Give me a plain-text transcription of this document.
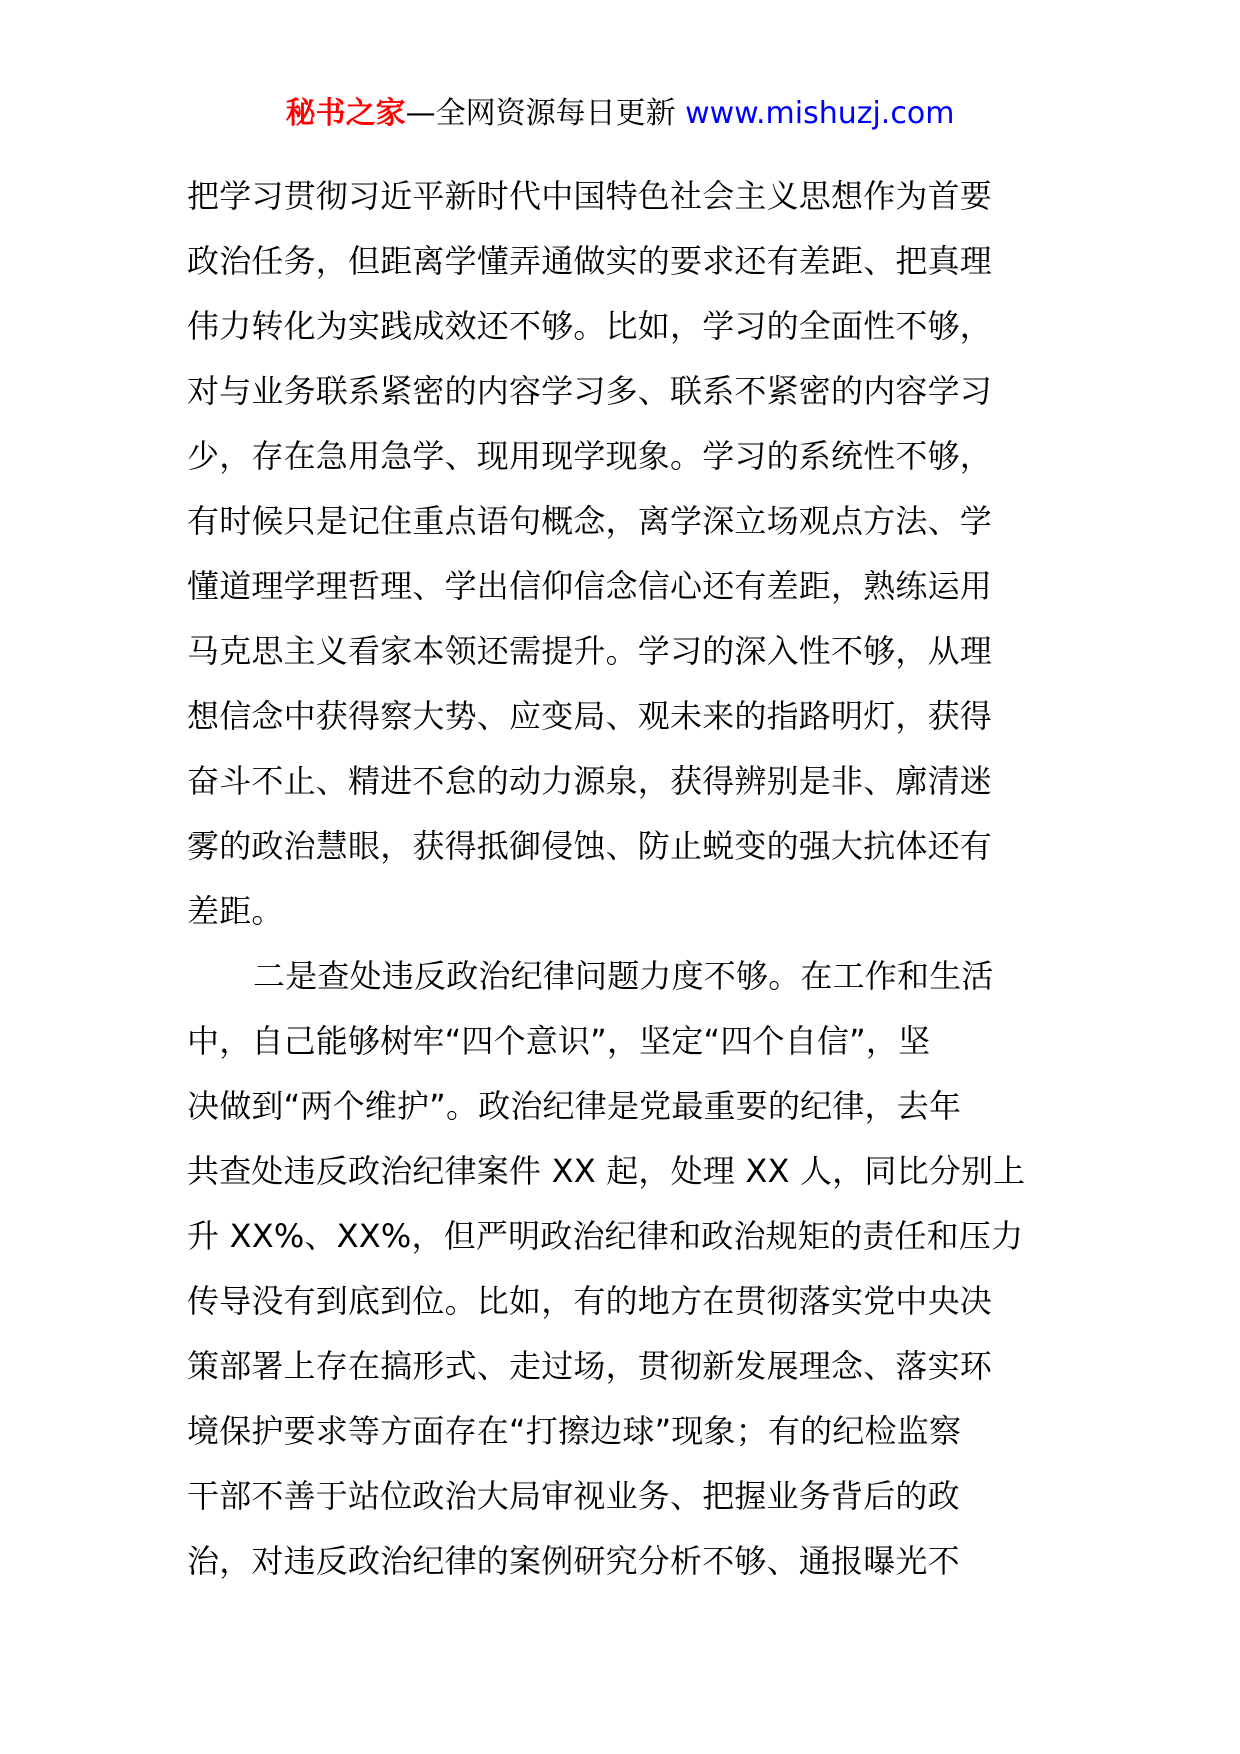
秘书之家—全网资源每日更新 www.mishuzj.com
把学习贯彻习近平新时代中国特色社会主义思想作为首要
政治任务，但距离学懂弄通做实的要求还有差距、把真理
伟力转化为实践成效还不够。比如，学习的全面性不够，
对与业务联系紧密的内容学习多、联系不紧密的内容学习
少，存在急用急学、现用现学现象。学习的系统性不够，
有时候只是记住重点语句概念，离学深立场观点方法、学
懂道理学理哲理、学出信仰信念信心还有差距，熟练运用
马克思主义看家本领还需提升。学习的深入性不够，从理
想信念中获得察大势、应变局、观未来的指路明灯，获得
奋斗不止、精进不怠的动力源泉，获得辨别是非、廓清迷
雾的政治慧眼，获得抵御侵蚀、防止蜕变的强大抗体还有
差距。
二是查处违反政治纪律问题力度不够。在工作和生活
中，自己能够树牢“四个意识”，坚定“四个自信”，坚
决做到“两个维护”。政治纪律是党最重要的纪律，去年
共查处违反政治纪律案件 XX 起，处理 XX 人，同比分别上
升 XX%、XX%，但严明政治纪律和政治规矩的责任和压力
传导没有到底到位。比如，有的地方在贯彻落实党中央决
策部署上存在搞形式、走过场，贯彻新发展理念、落实环
境保护要求等方面存在“打擦边球”现象；有的纪检监察
干部不善于站位政治大局审视业务、把握业务背后的政
治，对违反政治纪律的案例研究分析不够、通报曝光不
